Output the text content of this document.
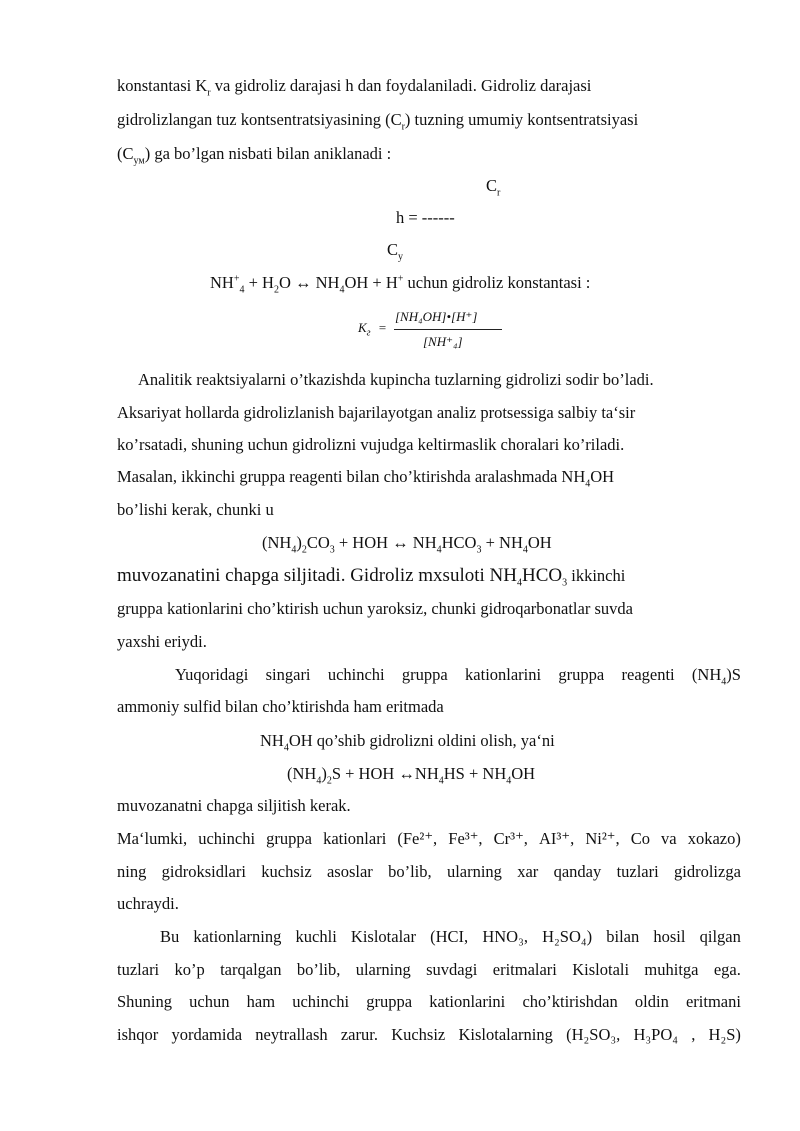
konstantasi $K_r$ va gidroliz darajasi h dan foydalaniladi. Gidroliz darajasi
gidrolizlangan tuz kontsentratsiyasining $(C_r)$ tuzning umumiy kontsentratsiyasi
$(C_{ум})$ ga bo’lgan nisbati bilan aniklanadi :
$C_r$
h = ------
$C_y$
$NH^+_4 + H_2O$ ↔ $NH_4OH + H^+$ uchun gidroliz konstantasi :
$K_г$ =
[NH₄OH]•[H⁺]
[NH⁺₄]
Analitik reaktsiyalarni o’tkazishda kupincha tuzlarning gidrolizi sodir bo’ladi.
Aksariyat hollarda gidrolizlanish bajarilayotgan analiz protsessiga salbiy ta‘sir
ko’rsatadi, shuning uchun gidrolizni vujudga keltirmaslik choralari ko’riladi.
Masalan, ikkinchi gruppa reagenti bilan cho’ktirishda aralashmada $NH_4OH$
bo’lishi kerak, chunki u
$(NH_4)_2CO_3$ + HOH ↔ $NH_4HCO_3 + NH_4OH$
muvozanatini chapga siljitadi. Gidroliz mxsuloti $NH_4HCO_3$ ikkinchi
gruppa kationlarini cho’ktirish uchun yaroksiz, chunki gidroqarbonatlar suvda
yaxshi eriydi.
Yuqoridagi singari uchinchi gruppa kationlarini gruppa reagenti $(NH_4)S$
ammoniy sulfid bilan cho’ktirishda ham eritmada
$NH_4OH$ qo’shib gidrolizni oldini olish, ya‘ni
$(NH_4)_2S$ + HOH $\leftrightarrow NH_4HS + NH_4OH$
muvozanatni chapga siljitish kerak.
Ma‘lumki, uchinchi gruppa kationlari (Fe²⁺, Fe³⁺, Cr³⁺, AI³⁺, Ni²⁺, Co va xokazo)
ning gidroksidlari kuchsiz asoslar bo’lib, ularning xar qanday tuzlari gidrolizga
uchraydi.
Bu kationlarning kuchli Kislotalar (HCI, HNO₃, H₂SO₄) bilan hosil qilgan
tuzlari ko’p tarqalgan bo’lib, ularning suvdagi eritmalari Kislotali muhitga ega.
Shuning uchun ham uchinchi gruppa kationlarini cho’ktirishdan oldin eritmani
ishqor yordamida neytrallash zarur. Kuchsiz Kislotalarning (H₂SO₃, H₃PO₄ , H₂S)
